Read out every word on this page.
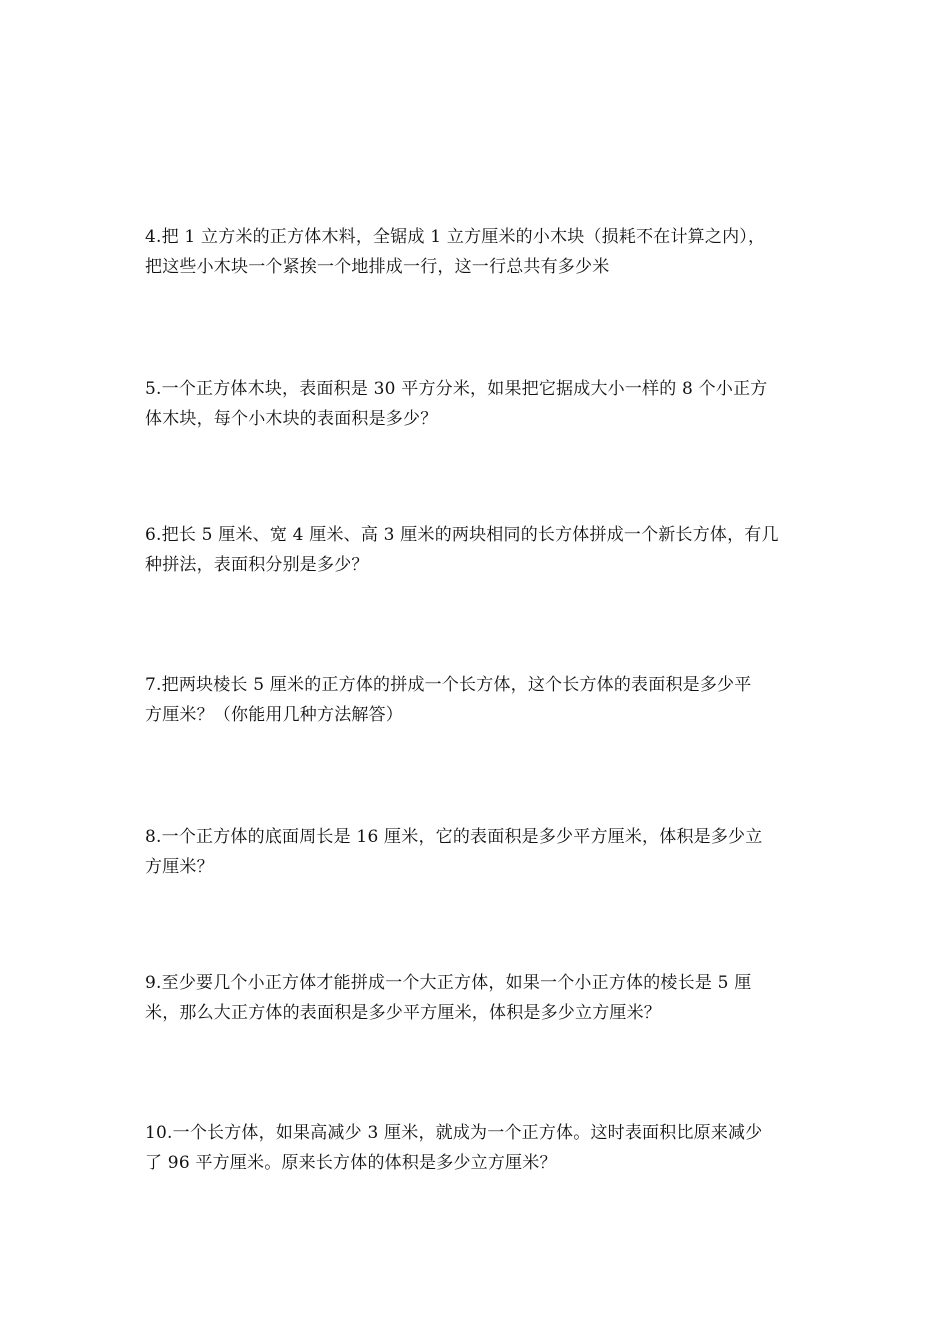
4.把 1 立方米的正方体木料，全锯成 1 立方厘米的小木块（损耗不在计算之内），
把这些小木块一个紧挨一个地排成一行，这一行总共有多少米
5.一个正方体木块，表面积是 30 平方分米，如果把它据成大小一样的 8 个小正方
体木块，每个小木块的表面积是多少？
6.把长 5 厘米、宽 4 厘米、高 3 厘米的两块相同的长方体拼成一个新长方体，有几
种拼法，表面积分别是多少？
7.把两块棱长 5 厘米的正方体的拼成一个长方体，这个长方体的表面积是多少平
方厘米？（你能用几种方法解答）
8.一个正方体的底面周长是 16 厘米，它的表面积是多少平方厘米，体积是多少立
方厘米？
9.至少要几个小正方体才能拼成一个大正方体，如果一个小正方体的棱长是 5 厘
米，那么大正方体的表面积是多少平方厘米，体积是多少立方厘米？
10.一个长方体，如果高减少 3 厘米，就成为一个正方体。这时表面积比原来减少
了 96 平方厘米。原来长方体的体积是多少立方厘米？
